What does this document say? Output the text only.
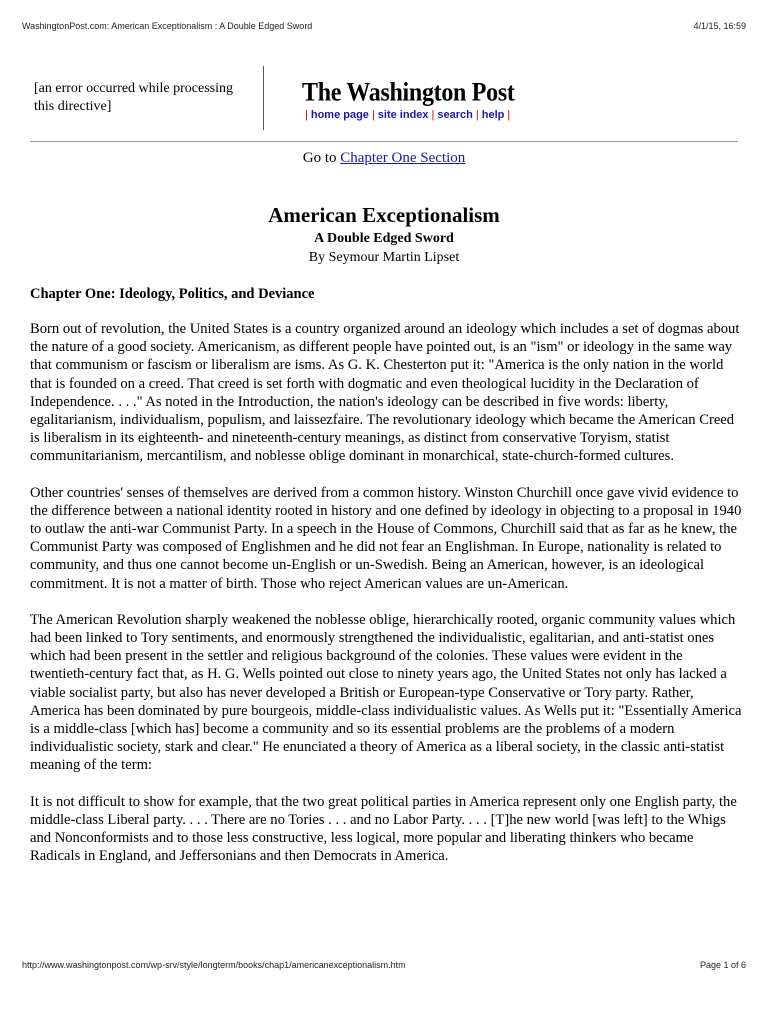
WashingtonPost.com: American Exceptionalism : A Double Edged Sword	4/1/15, 16:59
[an error occurred while processing this directive]	The Washington Post
| home page | site index | search | help |
Go to Chapter One Section
American Exceptionalism
A Double Edged Sword
By Seymour Martin Lipset
Chapter One: Ideology, Politics, and Deviance

Born out of revolution, the United States is a country organized around an ideology which includes a set of dogmas about the nature of a good society. Americanism, as different people have pointed out, is an "ism" or ideology in the same way that communism or fascism or liberalism are isms. As G. K. Chesterton put it: "America is the only nation in the world that is founded on a creed. That creed is set forth with dogmatic and even theological lucidity in the Declaration of Independence. . . ." As noted in the Introduction, the nation's ideology can be described in five words: liberty, egalitarianism, individualism, populism, and laissezfaire. The revolutionary ideology which became the American Creed is liberalism in its eighteenth- and nineteenth-century meanings, as distinct from conservative Toryism, statist communitarianism, mercantilism, and noblesse oblige dominant in monarchical, state-church-formed cultures.

Other countries' senses of themselves are derived from a common history. Winston Churchill once gave vivid evidence to the difference between a national identity rooted in history and one defined by ideology in objecting to a proposal in 1940 to outlaw the anti-war Communist Party. In a speech in the House of Commons, Churchill said that as far as he knew, the Communist Party was composed of Englishmen and he did not fear an Englishman. In Europe, nationality is related to community, and thus one cannot become un-English or un-Swedish. Being an American, however, is an ideological commitment. It is not a matter of birth. Those who reject American values are un-American.

The American Revolution sharply weakened the noblesse oblige, hierarchically rooted, organic community values which had been linked to Tory sentiments, and enormously strengthened the individualistic, egalitarian, and anti-statist ones which had been present in the settler and religious background of the colonies. These values were evident in the twentieth-century fact that, as H. G. Wells pointed out close to ninety years ago, the United States not only has lacked a viable socialist party, but also has never developed a British or European-type Conservative or Tory party. Rather, America has been dominated by pure bourgeois, middle-class individualistic values. As Wells put it: "Essentially America is a middle-class [which has] become a community and so its essential problems are the problems of a modern individualistic society, stark and clear." He enunciated a theory of America as a liberal society, in the classic anti-statist meaning of the term:

It is not difficult to show for example, that the two great political parties in America represent only one English party, the middle-class Liberal party. . . . There are no Tories . . . and no Labor Party. . . . [T]he new world [was left] to the Whigs and Nonconformists and to those less constructive, less logical, more popular and liberating thinkers who became Radicals in England, and Jeffersonians and then Democrats in America.

http://www.washingtonpost.com/wp-srv/style/longterm/books/chap1/americanexceptionalism.htm	Page 1 of 6
